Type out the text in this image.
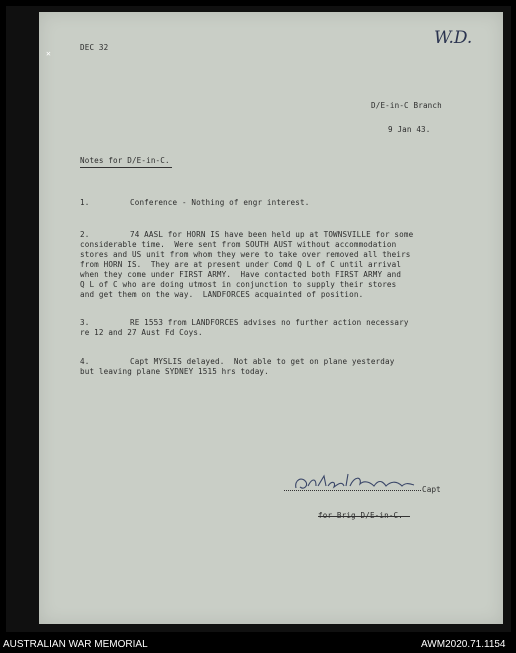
✕
DEC 32	W.D.
D/E-in-C Branch
9 Jan 43.
Notes for D/E-in-C.
1.	Conference - Nothing of engr interest.
2.	74 AASL for HORN IS have been held up at TOWNSVILLE for some
considerable time.  Were sent from SOUTH AUST without accommodation
stores and US unit from whom they were to take over removed all theirs
from HORN IS.  They are at present under Comd Q L of C until arrival
when they come under FIRST ARMY.  Have contacted both FIRST ARMY and
Q L of C who are doing utmost in conjunction to supply their stores
and get them on the way.  LANDFORCES acquainted of position.
3.	RE 1553 from LANDFORCES advises no further action necessary
re 12 and 27 Aust Fd Coys.
4.	Capt MYSLIS delayed.  Not able to get on plane yesterday
but leaving plane SYDNEY 1515 hrs today.
Capt
AUSTRALIAN WAR MEMORIAL	AWM2020.71.1154
